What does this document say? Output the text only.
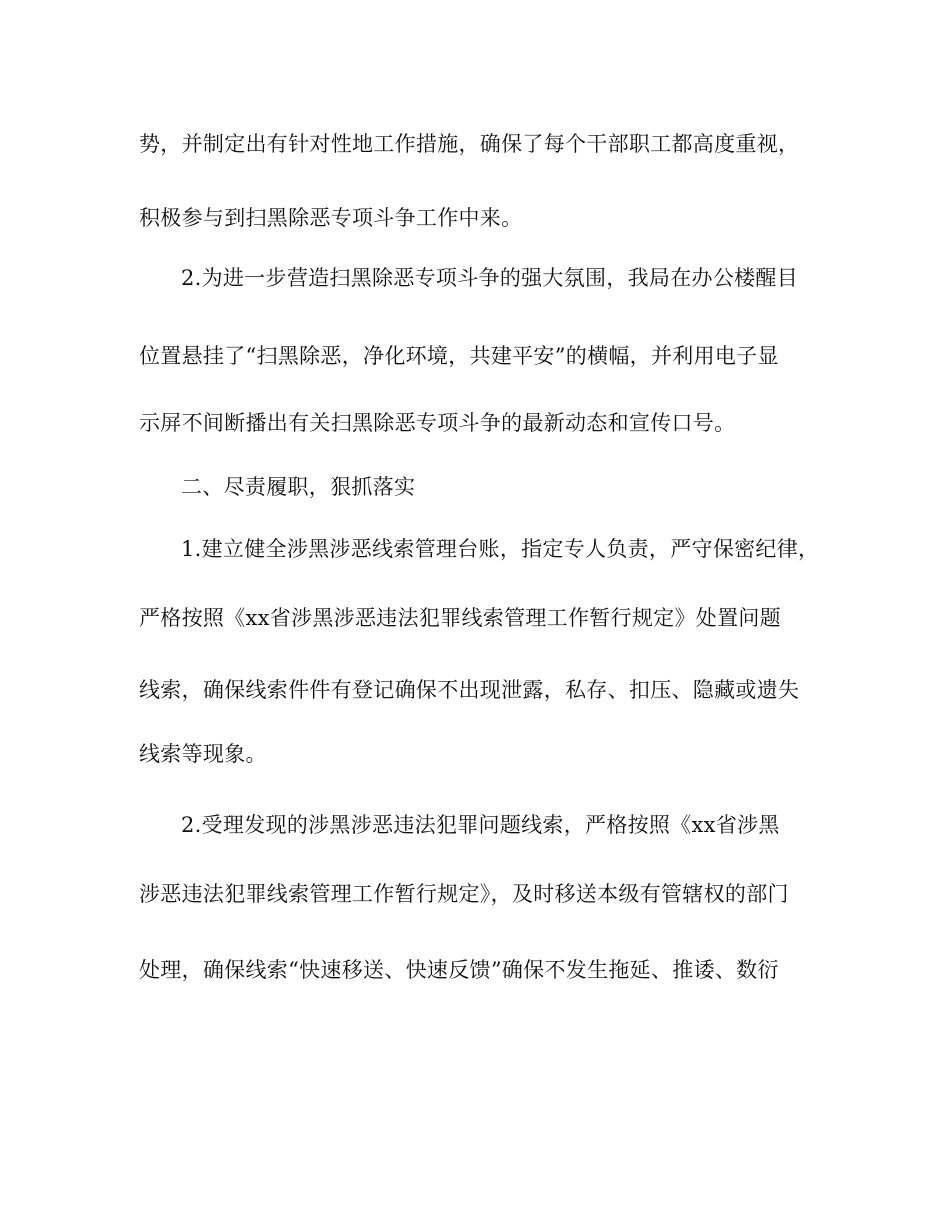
势，并制定出有针对性地工作措施，确保了每个干部职工都高度重视，

积极参与到扫黑除恶专项斗争工作中来。

2.为进一步营造扫黑除恶专项斗争的强大氛围，我局在办公楼醒目

位置悬挂了“扫黑除恶，净化环境，共建平安”的横幅，并利用电子显

示屏不间断播出有关扫黑除恶专项斗争的最新动态和宣传口号。

二、尽责履职，狠抓落实

1.建立健全涉黑涉恶线索管理台账，指定专人负责，严守保密纪律，

严格按照《xx省涉黑涉恶违法犯罪线索管理工作暂行规定》处置问题

线索，确保线索件件有登记确保不出现泄露，私存、扣压、隐藏或遗失

线索等现象。

2.受理发现的涉黑涉恶违法犯罪问题线索，严格按照《xx省涉黑

涉恶违法犯罪线索管理工作暂行规定》，及时移送本级有管辖权的部门

处理，确保线索“快速移送、快速反馈”确保不发生拖延、推诿、数衍
